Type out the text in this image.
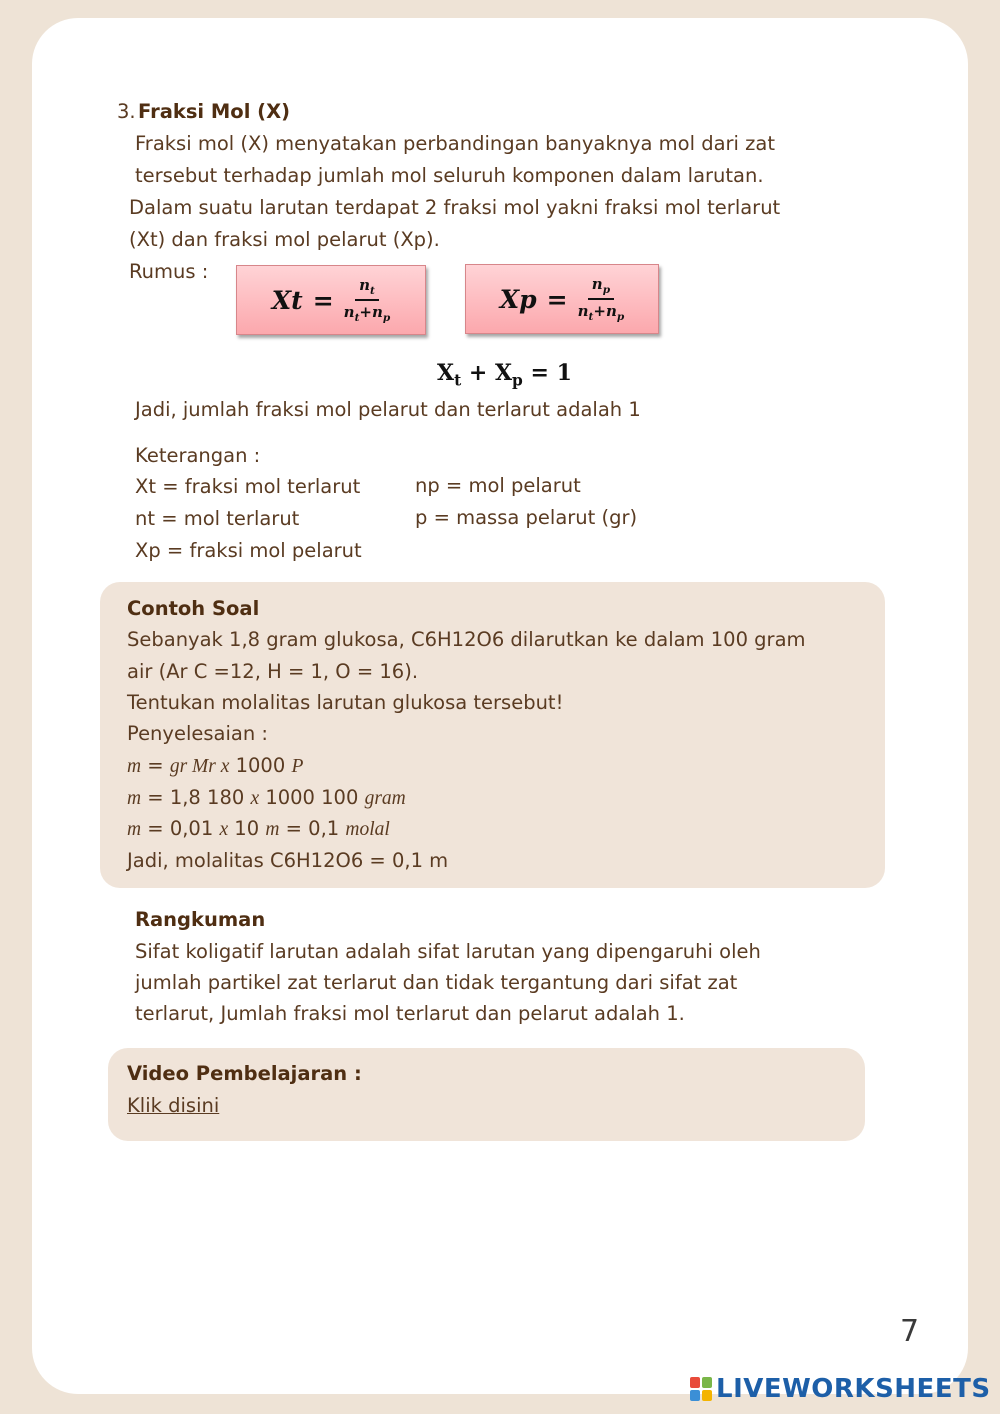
3. Fraksi Mol (X)
Fraksi mol (X) menyatakan perbandingan banyaknya mol dari zat
tersebut terhadap jumlah mol seluruh komponen dalam larutan.
Dalam suatu larutan terdapat 2 fraksi mol yakni fraksi mol terlarut
(Xt) dan fraksi mol pelarut (Xp).
Rumus :
$Xt = \frac{n_t}{n_t+n_p}$	$Xp = \frac{n_p}{n_t+n_p}$
$X_t + X_p = 1$
Jadi, jumlah fraksi mol pelarut dan terlarut adalah 1
Keterangan :
Xt = fraksi mol terlarut
nt = mol terlarut
Xp = fraksi mol pelarut
np = mol pelarut
p = massa pelarut (gr)
Contoh Soal
Sebanyak 1,8 gram glukosa, C6H12O6 dilarutkan ke dalam 100 gram
air (Ar C =12, H = 1, O = 16).
Tentukan molalitas larutan glukosa tersebut!
Penyelesaian :
m = gr Mr x 1000 P
m = 1,8 180 x 1000 100 gram
m = 0,01 x 10 m = 0,1 molal
Jadi, molalitas C6H12O6 = 0,1 m
Rangkuman
Sifat koligatif larutan adalah sifat larutan yang dipengaruhi oleh
jumlah partikel zat terlarut dan tidak tergantung dari sifat zat
terlarut, Jumlah fraksi mol terlarut dan pelarut adalah 1.
Video Pembelajaran :
Klik disini
7
LIVEWORKSHEETS
